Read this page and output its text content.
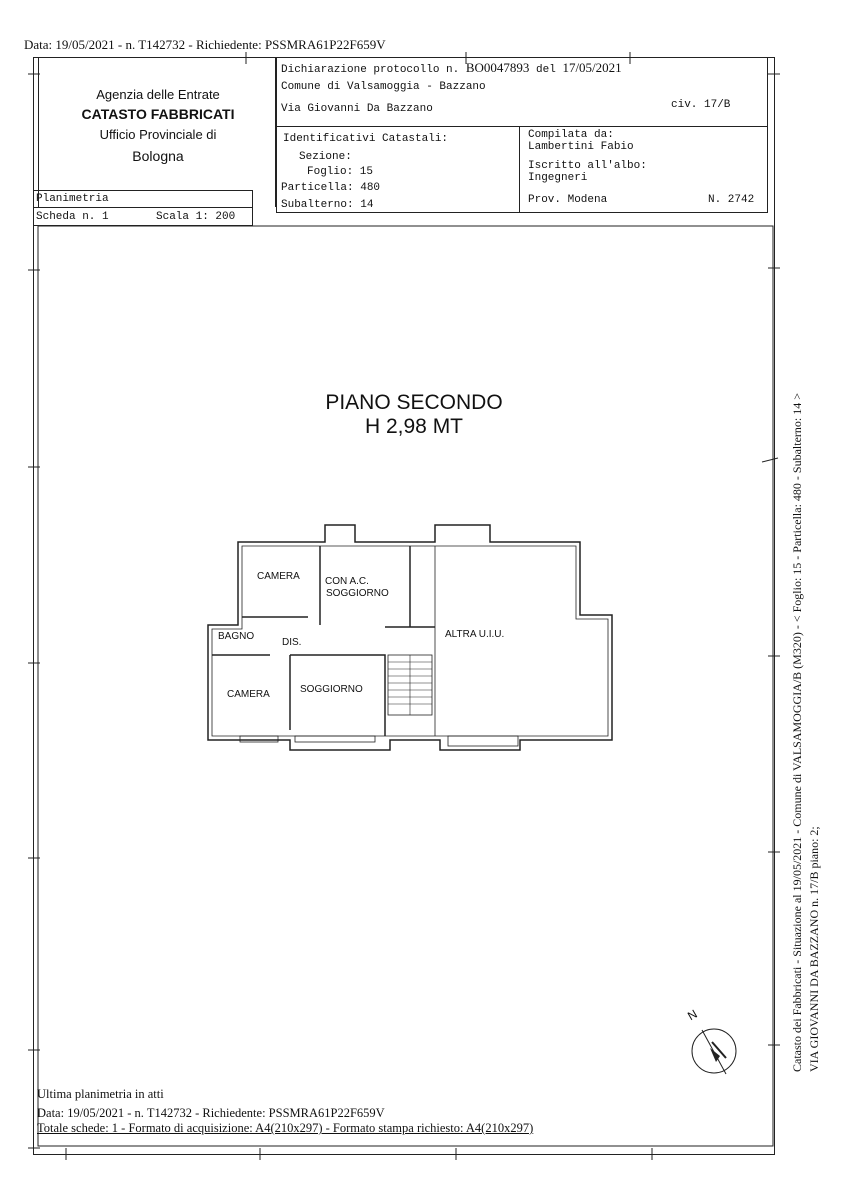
Data: 19/05/2021 - n. T142732 - Richiedente: PSSMRA61P22F659V
Agenzia delle Entrate
CATASTO FABBRICATI
Ufficio Provinciale di
Bologna
Dichiarazione protocollo n. BO0047893 del 17/05/2021
Comune di Valsamoggia - Bazzano
Via Giovanni Da Bazzano	civ. 17/B
Identificativi Catastali:
Sezione:
Foglio: 15
Particella: 480
Subalterno: 14
Compilata da:
Lambertini Fabio
Iscritto all'albo:
Ingegneri
Prov. Modena	N. 2742
Planimetria
Scheda n. 1	Scala 1: 200
PIANO SECONDO
H 2,98 MT
CAMERA	CON A.C.
SOGGIORNO
BAGNO
DIS.
ALTRA U.I.U.
CAMERA	SOGGIORNO
N	Catasto dei Fabbricati - Situazione al 19/05/2021 - Comune di VALSAMOGGIA/B (M320) - < Foglio: 15 - Particella: 480 - Subalterno: 14 > VIA GIOVANNI DA BAZZANO n. 17/B piano: 2;
Ultima planimetria in atti
Data: 19/05/2021 - n. T142732 - Richiedente: PSSMRA61P22F659V
Totale schede: 1 - Formato di acquisizione: A4(210x297) - Formato stampa richiesto: A4(210x297)
